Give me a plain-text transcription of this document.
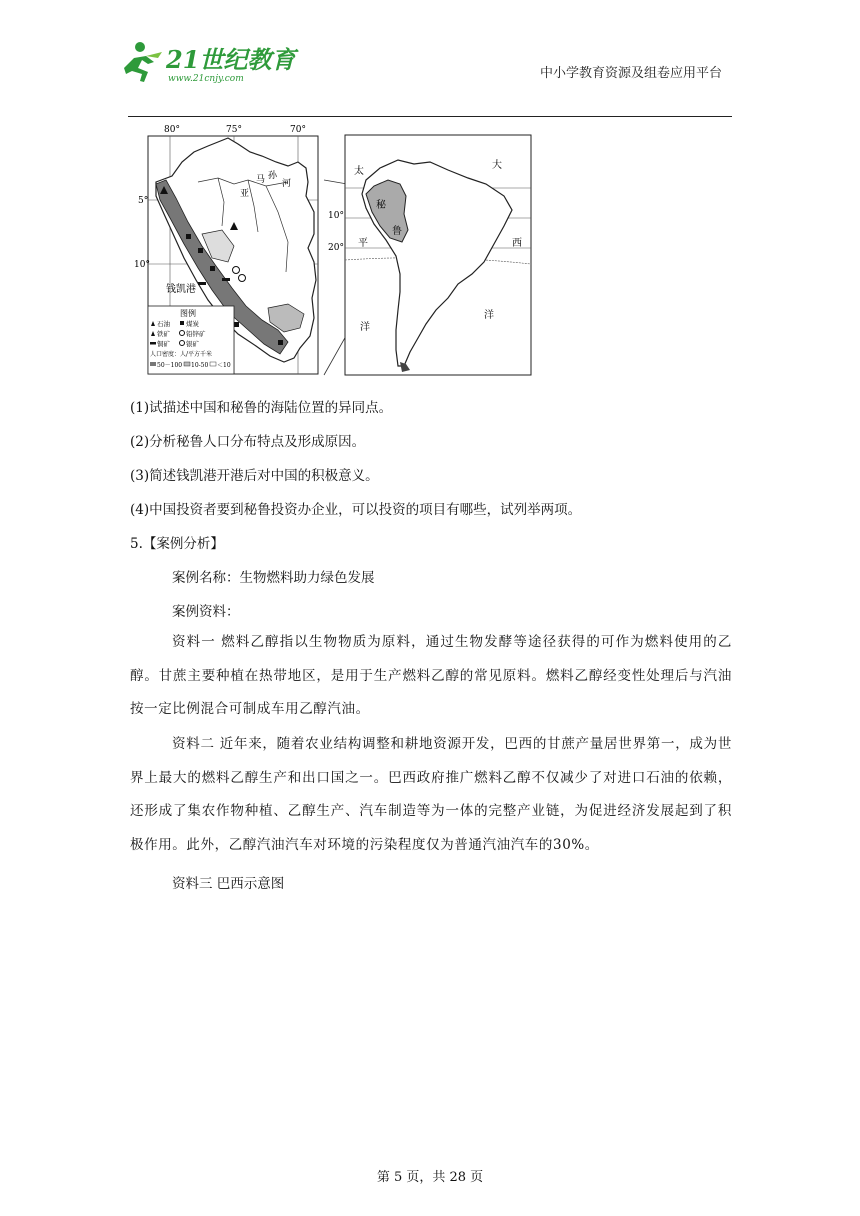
21世纪教育
www.21cnjy.com	中小学教育资源及组卷应用平台
80°	75°	70°
5°
10°
马 孙
河
亚
钱凯港
图例
石油 煤炭
铁矿 铅锌矿
铜矿 银矿
人口密度：人/平方千米
50－100 10-50 ＜10
10°
20°
秘
鲁
太
平
洋
大
西
洋
(1)试描述中国和秘鲁的海陆位置的异同点。
(2)分析秘鲁人口分布特点及形成原因。
(3)简述钱凯港开港后对中国的积极意义。
(4)中国投资者要到秘鲁投资办企业，可以投资的项目有哪些，试列举两项。
5.【案例分析】
案例名称：生物燃料助力绿色发展
案例资料：
资料一 燃料乙醇指以生物物质为原料，通过生物发酵等途径获得的可作为燃料使用的乙醇。甘蔗主要种植在热带地区，是用于生产燃料乙醇的常见原料。燃料乙醇经变性处理后与汽油按一定比例混合可制成车用乙醇汽油。
资料二 近年来，随着农业结构调整和耕地资源开发，巴西的甘蔗产量居世界第一，成为世界上最大的燃料乙醇生产和出口国之一。巴西政府推广燃料乙醇不仅减少了对进口石油的依赖，还形成了集农作物种植、乙醇生产、汽车制造等为一体的完整产业链，为促进经济发展起到了积极作用。此外，乙醇汽油汽车对环境的污染程度仅为普通汽油汽车的30%。
资料三 巴西示意图
第 5 页，共 28 页
